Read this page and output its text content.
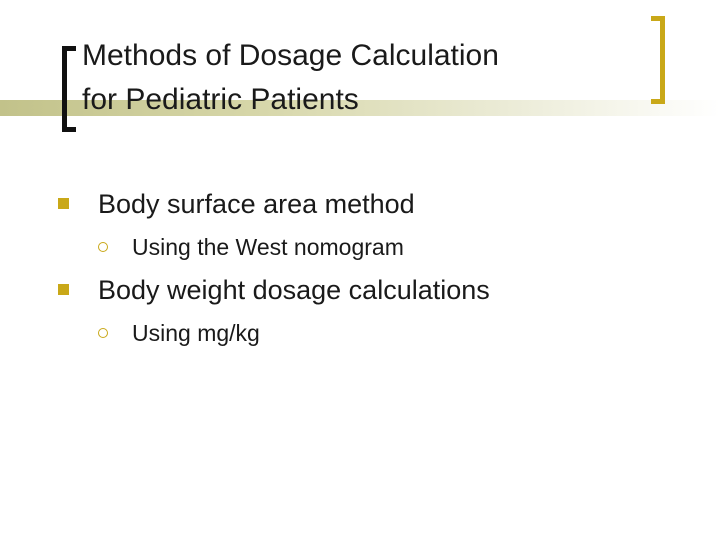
Methods of Dosage Calculation
for Pediatric Patients
Body surface area method
Using the West nomogram
Body weight dosage calculations
Using mg/kg
